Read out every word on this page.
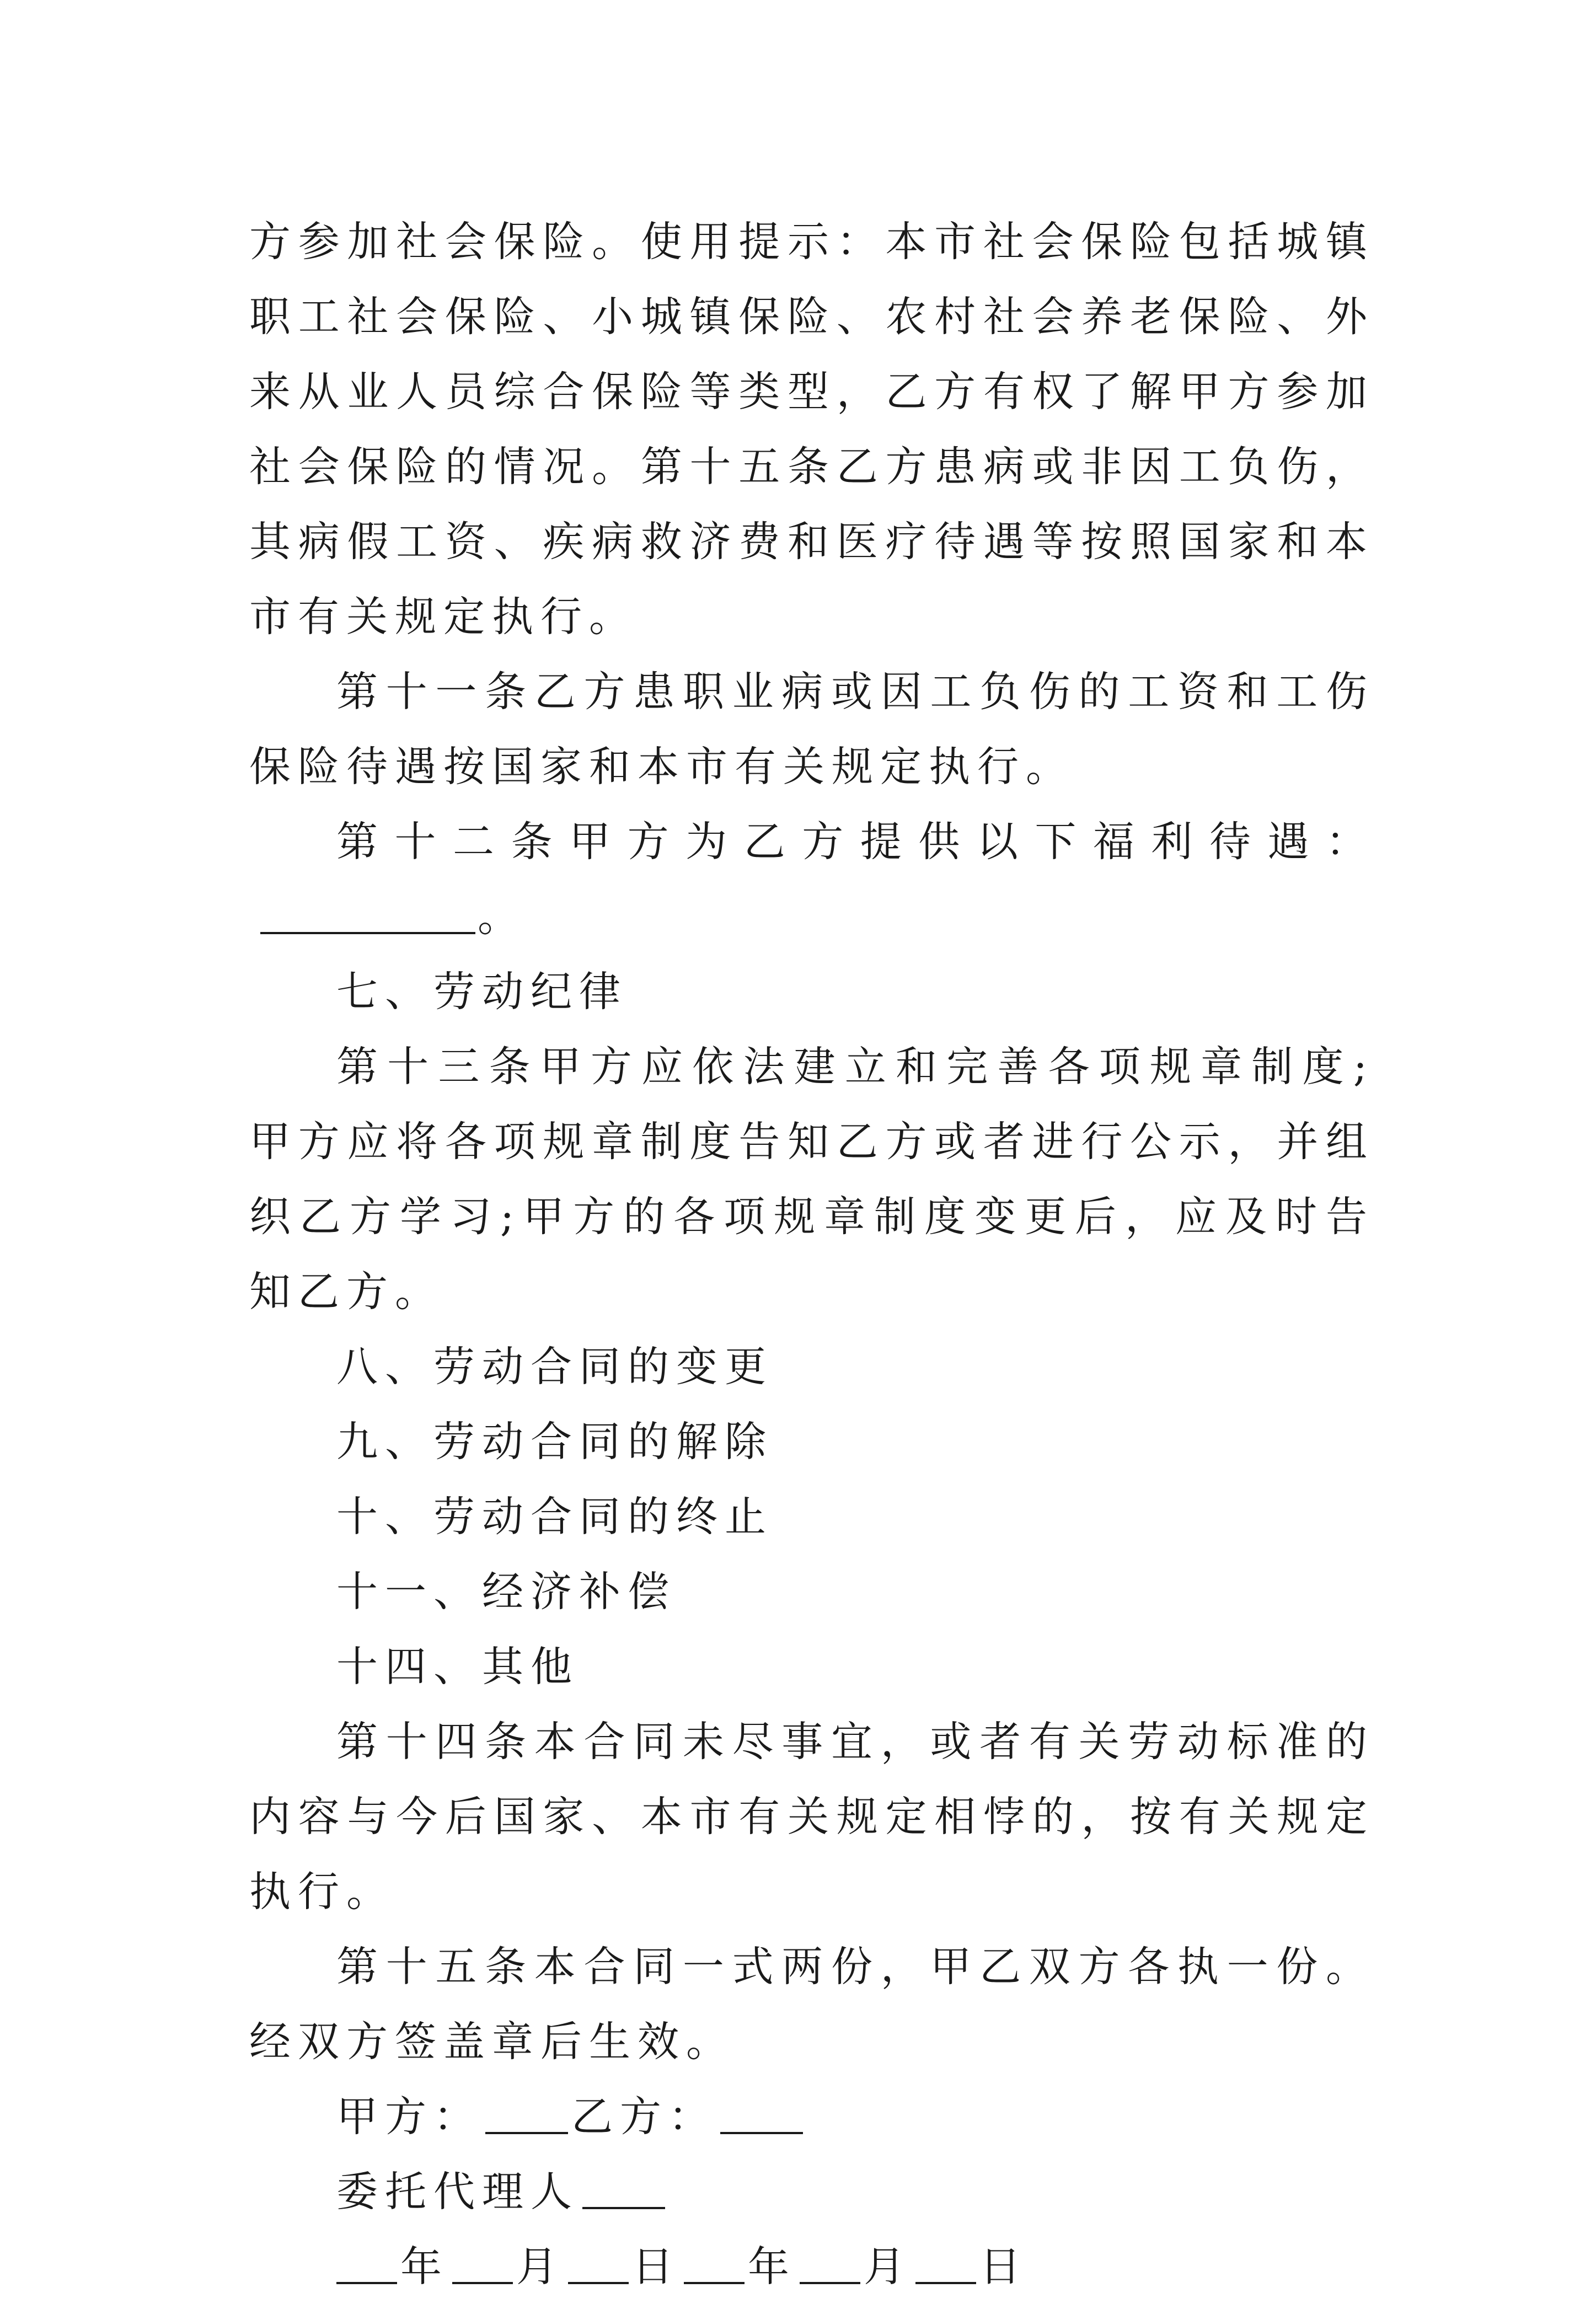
方参加社会保险。使用提示：本市社会保险包括城镇职工社会保险、小城镇保险、农村社会养老保险、外来从业人员综合保险等类型，乙方有权了解甲方参加社会保险的情况。第十五条乙方患病或非因工负伤，其病假工资、疾病救济费和医疗待遇等按照国家和本市有关规定执行。

第十一条乙方患职业病或因工负伤的工资和工伤保险待遇按国家和本市有关规定执行。

第十二条甲方为乙方提供以下福利待遇：。

七、劳动纪律

第十三条甲方应依法建立和完善各项规章制度;甲方应将各项规章制度告知乙方或者进行公示，并组织乙方学习;甲方的各项规章制度变更后，应及时告知乙方。

八、劳动合同的变更

九、劳动合同的解除

十、劳动合同的终止

十一、经济补偿

十四、其他

第十四条本合同未尽事宜，或者有关劳动标准的内容与今后国家、本市有关规定相悖的，按有关规定执行。

第十五条本合同一式两份，甲乙双方各执一份。经双方签盖章后生效。

甲方： 乙方：

委托代理人

年 月 日 年 月 日
